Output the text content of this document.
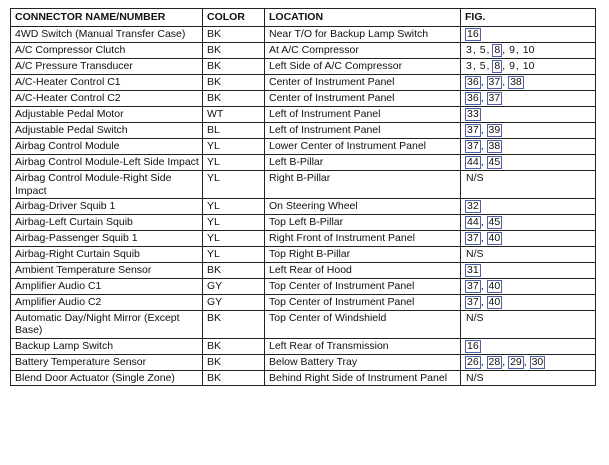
CONNECTOR NAME/NUMBER	COLOR	LOCATION	FIG.
4WD Switch (Manual Transfer Case)	BK	Near T/O for Backup Lamp Switch	16
A/C Compressor Clutch	BK	At A/C Compressor	3, 5, 8 , 9, 10
A/C Pressure Transducer	BK	Left Side of A/C Compressor	3, 5, 8 , 9, 10
A/C-Heater Control C1	BK	Center of Instrument Panel	36 , 37 , 38
A/C-Heater Control C2	BK	Center of Instrument Panel	36 , 37
Adjustable Pedal Motor	WT	Left of Instrument Panel	33
Adjustable Pedal Switch	BL	Left of Instrument Panel	37 , 39
Airbag Control Module	YL	Lower Center of Instrument Panel	37 , 38
Airbag Control Module-Left Side Impact	YL	Left B-Pillar	44 , 45
Airbag Control Module-Right Side Impact	YL	Right B-Pillar	N/S
Airbag-Driver Squib 1	YL	On Steering Wheel	32
Airbag-Left Curtain Squib	YL	Top Left B-Pillar	44 , 45
Airbag-Passenger Squib 1	YL	Right Front of Instrument Panel	37 , 40
Airbag-Right Curtain Squib	YL	Top Right B-Pillar	N/S
Ambient Temperature Sensor	BK	Left Rear of Hood	31
Amplifier Audio C1	GY	Top Center of Instrument Panel	37 , 40
Amplifier Audio C2	GY	Top Center of Instrument Panel	37 , 40
Automatic Day/Night Mirror (Except Base)	BK	Top Center of Windshield	N/S
Backup Lamp Switch	BK	Left Rear of Transmission	16
Battery Temperature Sensor	BK	Below Battery Tray	26 , 28 , 29 , 30
Blend Door Actuator (Single Zone)	BK	Behind Right Side of Instrument Panel	N/S
